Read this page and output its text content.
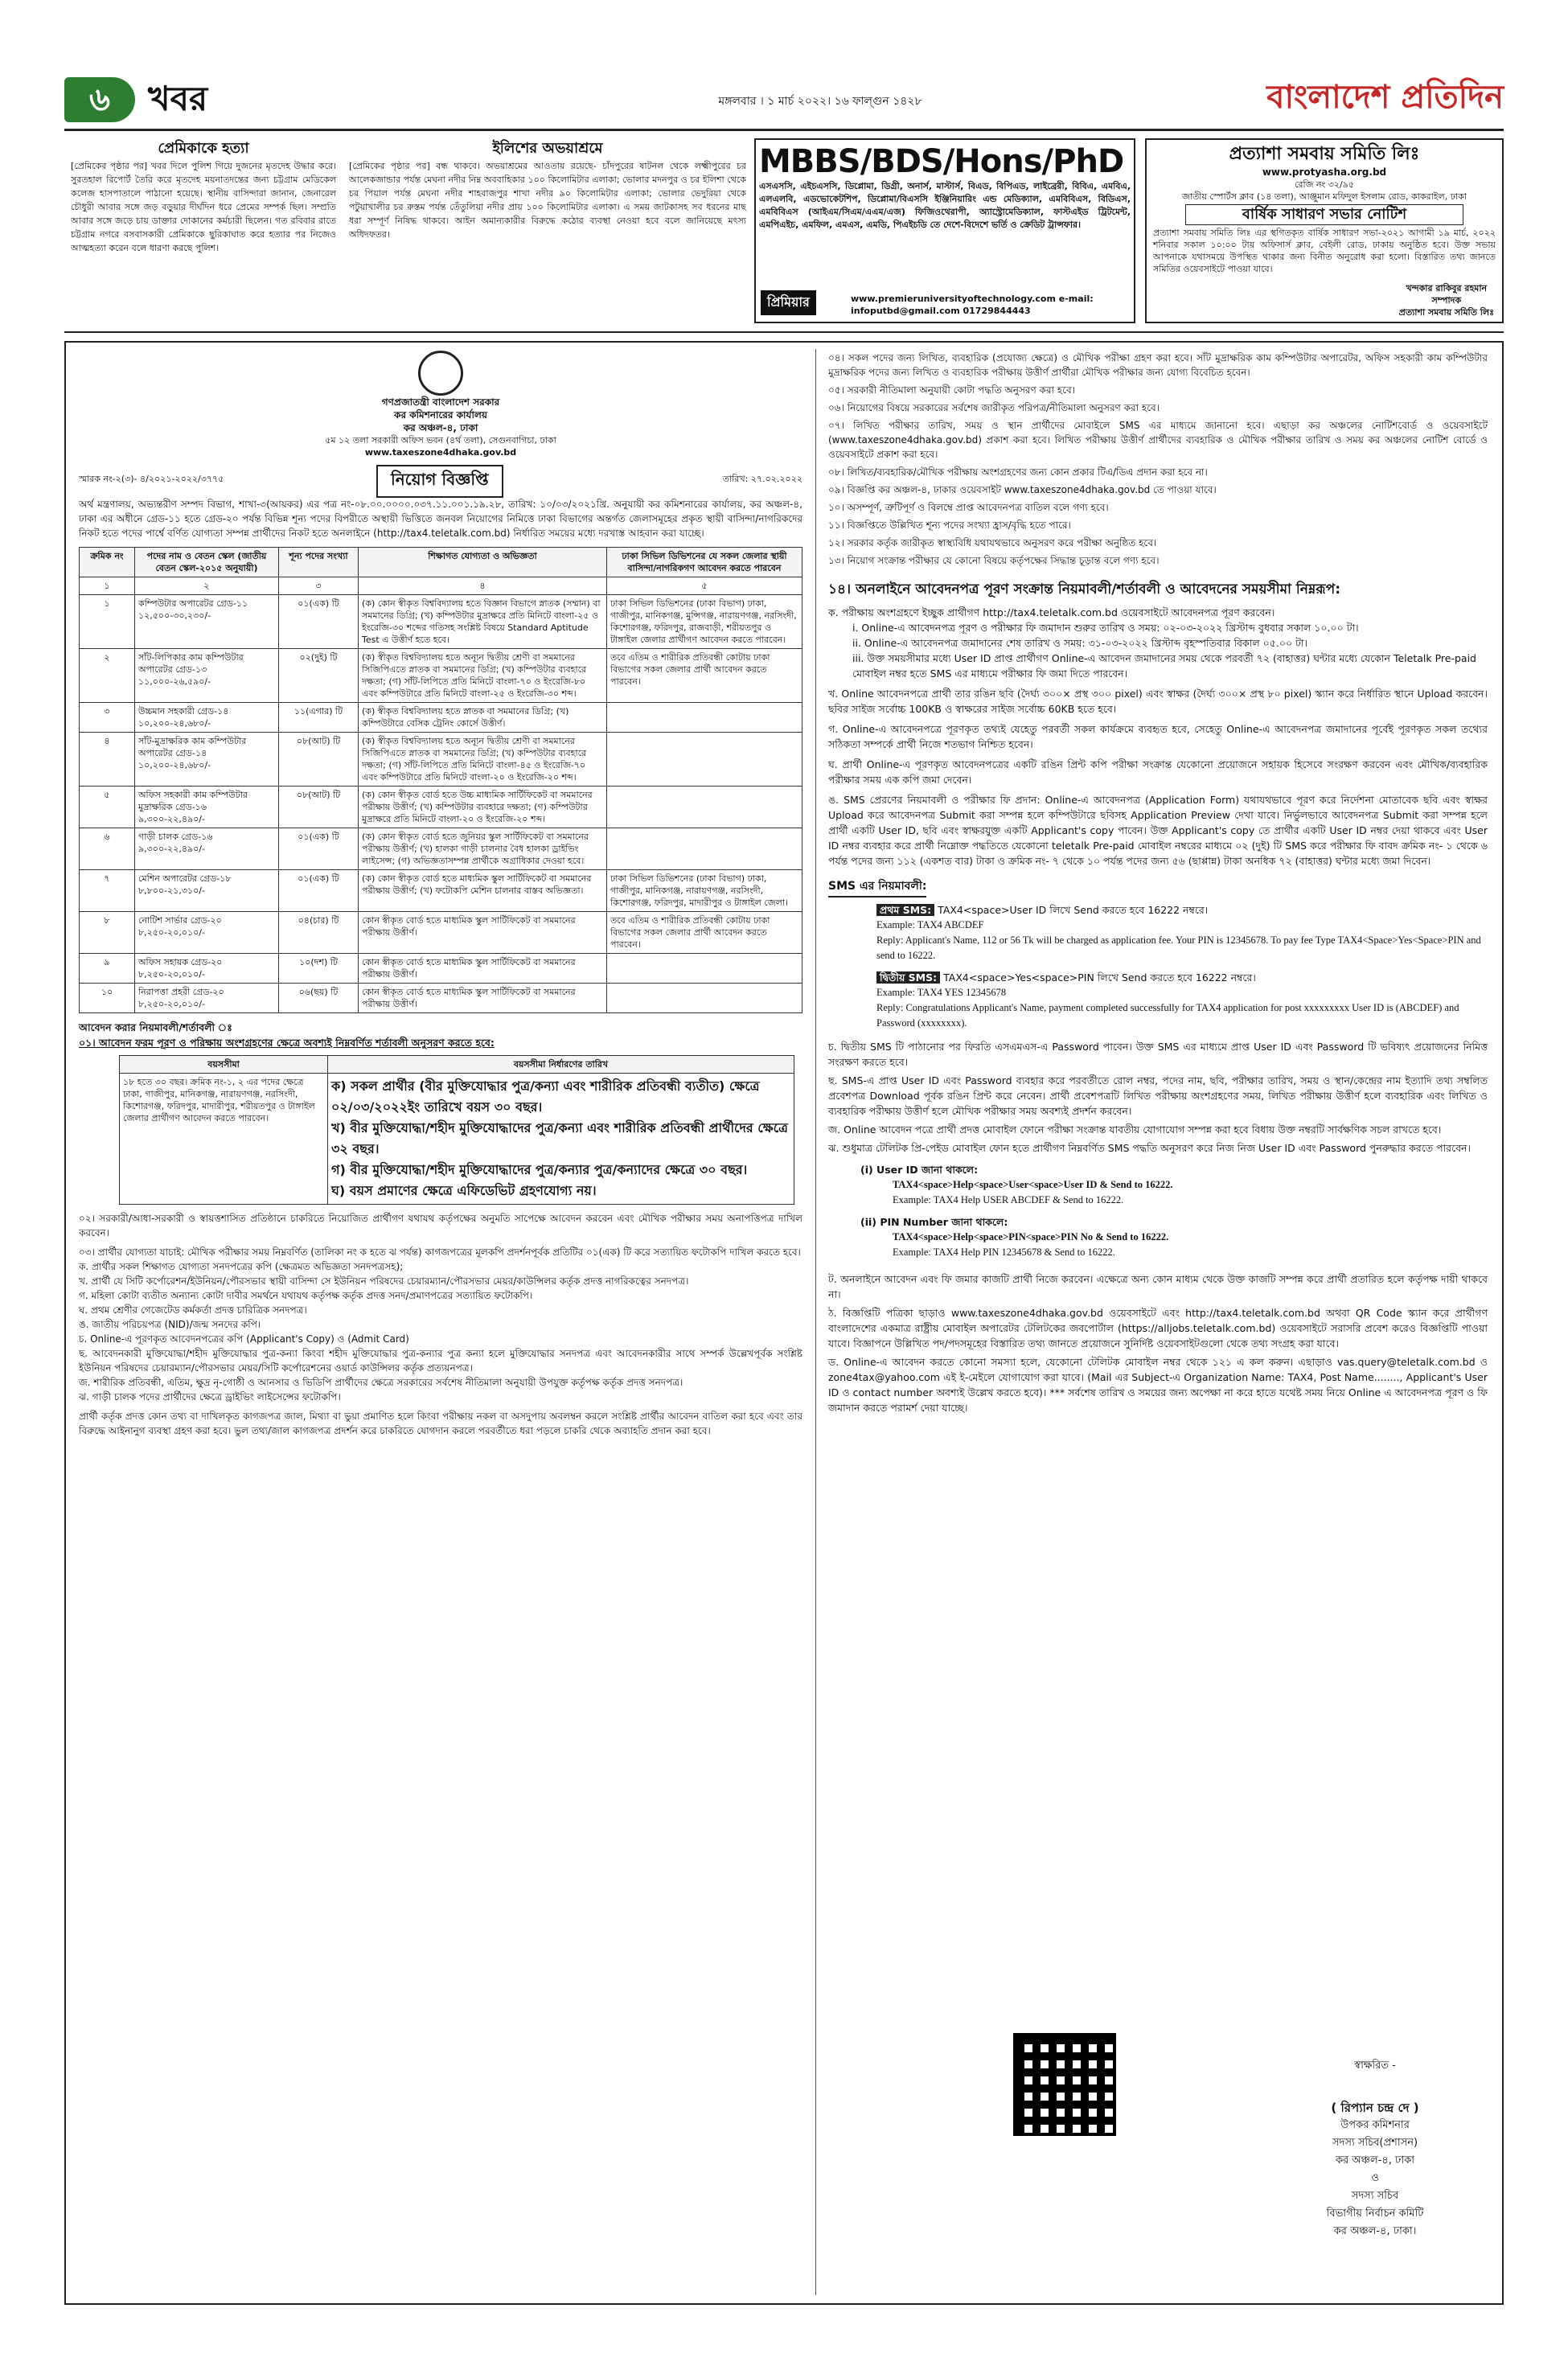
৬	খবর	মঙ্গলবার । ১ মার্চ ২০২২। ১৬ ফাল্গুন ১৪২৮	বাংলাদেশ প্রতিদিন
প্রেমিকাকে হত্যা
[প্রেমিকের পৃষ্ঠার পর] খবর দিলে পুলিশ গিয়ে দুজনের মৃতদেহ উদ্ধার করে। সুরতহাল রিপোর্ট তৈরি করে মৃতদেহ ময়নাতদন্তের জন্য চট্টগ্রাম মেডিকেল কলেজ হাসপাতালে পাঠানো হয়েছে। স্থানীয় বাসিন্দারা জানান, জেনারেল চৌধুরী আবার সঙ্গে জড় বড়ুয়ার দীর্ঘদিন ধরে প্রেমের সম্পর্ক ছিল। সম্প্রতি আবার সঙ্গে জড়ে চায় ডাক্তার দোকানের কর্মচারী ছিলেন। গত রবিবার রাতে চট্টগ্রাম নগরে বসবাসকারী প্রেমিকাকে ছুরিকাঘাত করে হত্যার পর নিজেও আত্মহত্যা করেন বলে ধারণা করছে পুলিশ।
ইলিশের অভয়াশ্রমে
[প্রেমিকের পৃষ্ঠার পর] বন্ধ থাকবে। অভয়াশ্রমের আওতায় রয়েছে- চাঁদপুরের ষাটনল থেকে লক্ষ্মীপুরের চর আলেকজান্ডার পর্যন্ত মেঘনা নদীর নিম্ন অববাহিকার ১০০ কিলোমিটার এলাকা; ভোলার মদনপুর ও চর ইলিশা থেকে চর পিয়াল পর্যন্ত মেঘনা নদীর শাহবাজপুর শাখা নদীর ৯০ কিলোমিটার এলাকা; ভোলার ভেদুরিয়া থেকে পটুয়াখালীর চর রুস্তম পর্যন্ত তেঁতুলিয়া নদীর প্রায় ১০০ কিলোমিটার এলাকা। এ সময় জাটকাসহ সব ধরনের মাছ ধরা সম্পূর্ণ নিষিদ্ধ থাকবে। আইন অমান্যকারীর বিরুদ্ধে কঠোর ব্যবস্থা নেওয়া হবে বলে জানিয়েছে মৎস্য অধিদফতর।
MBBS/BDS/Hons/PhD
এসএসসি, এইচএসসি, ডিপ্লোমা, ডিগ্রী, অনার্স, মাস্টার্স, বিএড, বিপিএড, লাইব্রেরী, বিবিএ, এমবিএ, এলএলবি, এডভোকেটশিপ, ডিপ্লোমা/বিএসসি ইঞ্জিনিয়ারিং এন্ড মেডিক্যাল, এমবিবিএস, বিডিএস, এমবিবিএস (আইএম/সিএম/এএম/এজ) ফিজিওথেরাপী, অ্যাস্ট্রোমেডিক্যাল, ফাস্টএইড ট্রিটমেন্ট, এমপিএইচ, এমফিল, এমএস, এমডি, পিএইচডি তে দেশে-বিদেশে ভর্তি ও ক্রেডিট ট্রান্সফার।
প্রিমিয়ার	www.premieruniversityoftechnology.com e-mail: infoputbd@gmail.com 01729844443
প্রত্যাশা সমবায় সমিতি লিঃ
www.protyasha.org.bd
রেজি নং ৩২/৯৫
জাতীয় স্পোর্টস ক্লাব (১৪ তলা), আঞ্জুমান মফিদুল ইসলাম রোড, কাকরাইল, ঢাকা
বার্ষিক সাধারণ সভার নোটিশ
প্রত্যাশা সমবায় সমিতি লিঃ এর স্থগিতকৃত বার্ষিক সাধারণ সভা-২০২১ আগামী ১৯ মার্চ, ২০২২ শনিবার সকাল ১০:০০ টায় অফিসার্স ক্লাব, বেইলী রোড, ঢাকায় অনুষ্ঠিত হবে। উক্ত সভায় আপনাকে যথাসময়ে উপস্থিত থাকার জন্য বিনীত অনুরোধ করা হলো। বিস্তারিত তথ্য জানতে সমিতির ওয়েবসাইটে পাওয়া যাবে।
খন্দকার রাকিবুর রহমান
সম্পাদক
প্রত্যাশা সমবায় সমিতি লিঃ
গণপ্রজাতন্ত্রী বাংলাদেশ সরকার
কর কমিশনারের কার্যালয়
কর অঞ্চল-৪, ঢাকা
৫ম ১২ তলা সরকারী অফিস ভবন (৪র্থ তলা), সেগুনবাগিচা, ঢাকা
www.taxeszone4dhaka.gov.bd
স্মারক নং-২(৩)- ৪/২০২১-২০২২/৩৭৭৫	নিয়োগ বিজ্ঞপ্তি	তারিখ: ২৭.০২.২০২২
অর্থ মন্ত্রণালয়, অভ্যন্তরীণ সম্পদ বিভাগ, শাখা-৩(আয়কর) এর পত্র নং-০৮.০০.০০০০.০৩৭.১১.০০১.১৯.২৮, তারিখ: ১০/০৩/২০২১খ্রি. অনুযায়ী কর কমিশনারের কার্যালয়, কর অঞ্চল-৪, ঢাকা এর অধীনে গ্রেড-১১ হতে গ্রেড-২০ পর্যন্ত বিভিন্ন শূন্য পদের বিপরীতে অস্থায়ী ভিত্তিতে জনবল নিয়োগের নিমিত্তে ঢাকা বিভাগের অন্তর্গত জেলাসমূহের প্রকৃত স্থায়ী বাসিন্দা/নাগরিকদের নিকট হতে পদের পার্শ্বে বর্ণিত যোগ্যতা সম্পন্ন প্রার্থীদের নিকট হতে অনলাইনে (http://tax4.teletalk.com.bd) নির্ধারিত সময়ের মধ্যে দরখাস্ত আহবান করা যাচ্ছে।
ক্রমিক নং	পদের নাম ও বেতন স্কেল (জাতীয় বেতন স্কেল-২০১৫ অনুযায়ী)	শূন্য পদের সংখ্যা	শিক্ষাগত যোগ্যতা ও অভিজ্ঞতা	ঢাকা সিভিল ডিভিশনের যে সকল জেলার স্থায়ী বাসিন্দা/নাগরিকগণ আবেদন করতে পারবেন
১	২	৩	৪	৫
১	কম্পিউটার অপারেটর গ্রেড-১১ ১২,৫০০-৩০,২৩০/-	০১(এক) টি	(ক) কোন স্বীকৃত বিশ্ববিদ্যালয় হতে বিজ্ঞান বিভাগে স্নাতক (সম্মান) বা সমমানের ডিগ্রি; (খ) কম্পিউটার মুদ্রাক্ষরে প্রতি মিনিটে বাংলা-২৫ ও ইংরেজি-৩০ শব্দের গতিসহ সংশ্লিষ্ট বিষয়ে Standard Aptitude Test এ উত্তীর্ণ হতে হবে।	ঢাকা সিভিল ডিভিশনের (ঢাকা বিভাগ) ঢাকা, গাজীপুর, মানিকগঞ্জ, মুন্সিগঞ্জ, নারায়ণগঞ্জ, নরসিংদী, কিশোরগঞ্জ, ফরিদপুর, রাজবাড়ী, শরীয়তপুর ও টাঙ্গাইল জেলার প্রার্থীগণ আবেদন করতে পারবেন।
২	সাঁট-লিপিকার কাম কম্পিউটার অপারেটর গ্রেড-১৩ ১১,০০০-২৬,৫৯০/-	০২(দুই) টি	(ক) স্বীকৃত বিশ্ববিদ্যালয় হতে অন্যূন দ্বিতীয় শ্রেণী বা সমমানের সিজিপিএতে স্নাতক বা সমমানের ডিগ্রি; (খ) কম্পিউটার ব্যবহারে দক্ষতা; (গ) সাঁট-লিপিতে প্রতি মিনিটে বাংলা-৭০ ও ইংরেজি-৮০ এবং কম্পিউটারে প্রতি মিনিটে বাংলা-২৫ ও ইংরেজি-৩০ শব্দ।	তবে এতিম ও শারীরিক প্রতিবন্ধী কোটায় ঢাকা বিভাগের সকল জেলার প্রার্থী আবেদন করতে পারবেন।
৩	উচ্চমান সহকারী গ্রেড-১৪ ১০,২০০-২৪,৬৮০/-	১১(এগার) টি	(ক) স্বীকৃত বিশ্ববিদ্যালয় হতে স্নাতক বা সমমানের ডিগ্রি; (খ) কম্পিউটারে বেসিক ট্রেনিং কোর্সে উত্তীর্ণ।	
৪	সাঁট-মুদ্রাক্ষরিক কাম কম্পিউটার অপারেটর গ্রেড-১৪ ১০,২০০-২৪,৬৮০/-	০৮(আট) টি	(ক) স্বীকৃত বিশ্ববিদ্যালয় হতে অন্যূন দ্বিতীয় শ্রেণী বা সমমানের সিজিপিএতে স্নাতক বা সমমানের ডিগ্রি; (খ) কম্পিউটার ব্যবহারে দক্ষতা; (গ) সাঁট-লিপিতে প্রতি মিনিটে বাংলা-৪৫ ও ইংরেজি-৭০ এবং কম্পিউটারে প্রতি মিনিটে বাংলা-২০ ও ইংরেজি-২০ শব্দ।	
৫	অফিস সহকারী কাম কম্পিউটার মুদ্রাক্ষরিক গ্রেড-১৬ ৯,৩০০-২২,৪৯০/-	০৮(আট) টি	(ক) কোন স্বীকৃত বোর্ড হতে উচ্চ মাধ্যমিক সার্টিফিকেট বা সমমানের পরীক্ষায় উত্তীর্ণ; (খ) কম্পিউটার ব্যবহারে দক্ষতা; (গ) কম্পিউটার মুদ্রাক্ষরে প্রতি মিনিটে বাংলা-২০ ও ইংরেজি-২০ শব্দ।	
৬	গাড়ী চালক গ্রেড-১৬ ৯,৩০০-২২,৪৯০/-	০১(এক) টি	(ক) কোন স্বীকৃত বোর্ড হতে জুনিয়র স্কুল সার্টিফিকেট বা সমমানের পরীক্ষায় উত্তীর্ণ; (খ) হালকা গাড়ী চালনার বৈধ হালকা ড্রাইভিং লাইসেন্স; (গ) অভিজ্ঞতাসম্পন্ন প্রার্থীকে অগ্রাধিকার দেওয়া হবে।	
৭	মেশিন অপারেটর গ্রেড-১৮ ৮,৮০০-২১,৩১০/-	০১(এক) টি	(ক) কোন স্বীকৃত বোর্ড হতে মাধ্যমিক স্কুল সার্টিফিকেট বা সমমানের পরীক্ষায় উত্তীর্ণ; (খ) ফটোকপি মেশিন চালনার বাস্তব অভিজ্ঞতা।	ঢাকা সিভিল ডিভিশনের (ঢাকা বিভাগ) ঢাকা, গাজীপুর, মানিকগঞ্জ, নারায়ণগঞ্জ, নরসিংদী, কিশোরগঞ্জ, ফরিদপুর, মাদারীপুর ও টাঙ্গাইল জেলা।
৮	নোটিশ সার্ভার গ্রেড-২০ ৮,২৫০-২০,০১০/-	০৪(চার) টি	কোন স্বীকৃত বোর্ড হতে মাধ্যমিক স্কুল সার্টিফিকেট বা সমমানের পরীক্ষায় উত্তীর্ণ।	তবে এতিম ও শারীরিক প্রতিবন্ধী কোটায় ঢাকা বিভাগের সকল জেলার প্রার্থী আবেদন করতে পারবেন।
৯	অফিস সহায়ক গ্রেড-২০ ৮,২৫০-২০,০১০/-	১০(দশ) টি	কোন স্বীকৃত বোর্ড হতে মাধ্যমিক স্কুল সার্টিফিকেট বা সমমানের পরীক্ষায় উত্তীর্ণ।	
১০	নিরাপত্তা প্রহরী গ্রেড-২০ ৮,২৫০-২০,০১০/-	০৬(ছয়) টি	কোন স্বীকৃত বোর্ড হতে মাধ্যমিক স্কুল সার্টিফিকেট বা সমমানের পরীক্ষায় উত্তীর্ণ।	
আবেদন করার নিয়মাবলী/শর্তাবলী ঃ
০১। আবেদন ফরম পূরণ ও পরিক্ষায় অংশগ্রহণের ক্ষেত্রে অবশ্যই নিম্নবর্ণিত শর্তাবলী অনুসরণ করতে হবে:
বয়সসীমা	বয়সসীমা নির্ধারণের তারিখ
১৮ হতে ৩০ বছর। ক্রমিক নং-১, ২ এর পদের ক্ষেত্রে ঢাকা, গাজীপুর, মানিকগঞ্জ, নারায়ণগঞ্জ, নরসিংদী, কিশোরগঞ্জ, ফরিদপুর, মাদারীপুর, শরীয়তপুর ও টাঙ্গাইল জেলার প্রার্থীগণ আবেদন করতে পারবেন।	ক) সকল প্রার্থীর (বীর মুক্তিযোদ্ধার পুত্র/কন্যা এবং শারীরিক প্রতিবন্ধী ব্যতীত) ক্ষেত্রে ০২/০৩/২০২২ইং তারিখে বয়স ৩০ বছর।
খ) বীর মুক্তিযোদ্ধা/শহীদ মুক্তিযোদ্ধাদের পুত্র/কন্যা এবং শারীরিক প্রতিবন্ধী প্রার্থীদের ক্ষেত্রে ৩২ বছর।
গ) বীর মুক্তিযোদ্ধা/শহীদ মুক্তিযোদ্ধাদের পুত্র/কন্যার পুত্র/কন্যাদের ক্ষেত্রে ৩০ বছর।
ঘ) বয়স প্রমাণের ক্ষেত্রে এফিডেভিট গ্রহণযোগ্য নয়।
০২। সরকারী/আধা-সরকারী ও স্বায়ত্তশাসিত প্রতিষ্ঠানে চাকরিতে নিয়োজিত প্রার্থীগণ যথাযথ কর্তৃপক্ষের অনুমতি সাপেক্ষে আবেদন করবেন এবং মৌখিক পরীক্ষার সময় অনাপত্তিপত্র দাখিল করবেন।
০৩। প্রার্থীর যোগ্যতা যাচাই: মৌখিক পরীক্ষার সময় নিম্নবর্ণিত (তালিকা নং ক হতে ঝ পর্যন্ত) কাগজপত্রের মূলকপি প্রদর্শনপূর্বক প্রতিটির ০১(এক) টি করে সত্যায়িত ফটোকপি দাখিল করতে হবে।
ক. প্রার্থীর সকল শিক্ষাগত যোগ্যতা সনদপত্রের কপি (ক্ষেত্রমত অভিজ্ঞতা সনদপত্রসহ);
খ. প্রার্থী যে সিটি কর্পোরেশন/ইউনিয়ন/পৌরসভার স্থায়ী বাসিন্দা সে ইউনিয়ন পরিষদের চেয়ারম্যান/পৌরসভার মেয়র/কাউন্সিলর কর্তৃক প্রদত্ত নাগরিকত্বের সনদপত্র।
গ. মহিলা কোটা ব্যতীত অন্যান্য কোটা দাবীর সমর্থনে যথাযথ কর্তৃপক্ষ কর্তৃক প্রদত্ত সনদ/প্রমাণপত্রের সত্যায়িত ফটোকপি।
ঘ. প্রথম শ্রেণীর গেজেটেড কর্মকর্তা প্রদত্ত চারিত্রিক সনদপত্র।
ঙ. জাতীয় পরিচয়পত্র (NID)/জন্ম সনদের কপি।
চ. Online-এ পূরণকৃত আবেদনপত্রের কপি (Applicant's Copy) ও (Admit Card)
ছ. আবেদনকারী মুক্তিযোদ্ধা/শহীদ মুক্তিযোদ্ধার পুত্র-কন্যা কিংবা শহীদ মুক্তিযোদ্ধার পুত্র-কন্যার পুত্র কন্যা হলে মুক্তিযোদ্ধার সনদপত্র এবং আবেদনকারীর সাথে সম্পর্ক উল্লেখপূর্বক সংশ্লিষ্ট ইউনিয়ন পরিষদের চেয়ারম্যান/পৌরসভার মেয়র/সিটি কর্পোরেশনের ওয়ার্ড কাউন্সিলর কর্তৃক প্রত্যয়নপত্র।
জ. শারীরিক প্রতিবন্ধী, এতিম, ক্ষুদ্র নৃ-গোষ্ঠী ও আনসার ও ভিডিপি প্রার্থীদের ক্ষেত্রে সরকারের সর্বশেষ নীতিমালা অনুযায়ী উপযুক্ত কর্তৃপক্ষ কর্তৃক প্রদত্ত সনদপত্র।
ঝ. গাড়ী চালক পদের প্রার্থীদের ক্ষেত্রে ড্রাইভিং লাইসেন্সের ফটোকপি।
প্রার্থী কর্তৃক প্রদত্ত কোন তথ্য বা দাখিলকৃত কাগজপত্র জাল, মিথ্যা বা ভুয়া প্রমাণিত হলে কিংবা পরীক্ষায় নকল বা অসদুপায় অবলম্বন করলে সংশ্লিষ্ট প্রার্থীর আবেদন বাতিল করা হবে এবং তার বিরুদ্ধে আইনানুগ ব্যবস্থা গ্রহণ করা হবে। ভুল তথ্য/জাল কাগজপত্র প্রদর্শন করে চাকরিতে যোগদান করলে পরবর্তীতে ধরা পড়লে চাকরি থেকে অব্যাহতি প্রদান করা হবে।
০৪। সকল পদের জন্য লিখিত, ব্যবহারিক (প্রযোজ্য ক্ষেত্রে) ও মৌখিক পরীক্ষা গ্রহণ করা হবে। সাঁট মুদ্রাক্ষরিক কাম কম্পিউটার অপারেটর, অফিস সহকারী কাম কম্পিউটার মুদ্রাক্ষরিক পদের জন্য লিখিত ও ব্যবহারিক পরীক্ষায় উত্তীর্ণ প্রার্থীরা মৌখিক পরীক্ষার জন্য যোগ্য বিবেচিত হবেন।
০৫। সরকারী নীতিমালা অনুযায়ী কোটা পদ্ধতি অনুসরণ করা হবে।
০৬। নিয়োগের বিষয়ে সরকারের সর্বশেষ জারীকৃত পরিপত্র/নীতিমালা অনুসরণ করা হবে।
০৭। লিখিত পরীক্ষার তারিখ, সময় ও স্থান প্রার্থীদের মোবাইলে SMS এর মাধ্যমে জানানো হবে। এছাড়া কর অঞ্চলের নোটিশবোর্ড ও ওয়েবসাইটে (www.taxeszone4dhaka.gov.bd) প্রকাশ করা হবে। লিখিত পরীক্ষায় উত্তীর্ণ প্রার্থীদের ব্যবহারিক ও মৌখিক পরীক্ষার তারিখ ও সময় কর অঞ্চলের নোটিশ বোর্ডে ও ওয়েবসাইটে প্রকাশ করা হবে।
০৮। লিখিত/ব্যবহারিক/মৌখিক পরীক্ষায় অংশগ্রহণের জন্য কোন প্রকার টিএ/ডিএ প্রদান করা হবে না।
০৯। বিজ্ঞপ্তি কর অঞ্চল-৪, ঢাকার ওয়েবসাইট www.taxeszone4dhaka.gov.bd তে পাওয়া যাবে।
১০। অসম্পূর্ণ, ত্রুটিপূর্ণ ও বিলম্বে প্রাপ্ত আবেদনপত্র বাতিল বলে গণ্য হবে।
১১। বিজ্ঞপ্তিতে উল্লিখিত শূন্য পদের সংখ্যা হ্রাস/বৃদ্ধি হতে পারে।
১২। সরকার কর্তৃক জারীকৃত স্বাস্থ্যবিধি যথাযথভাবে অনুসরণ করে পরীক্ষা অনুষ্ঠিত হবে।
১৩। নিয়োগ সংক্রান্ত পরীক্ষার যে কোনো বিষয়ে কর্তৃপক্ষের সিদ্ধান্ত চূড়ান্ত বলে গণ্য হবে।
১৪। অনলাইনে আবেদনপত্র পূরণ সংক্রান্ত নিয়মাবলী/শর্তাবলী ও আবেদনের সময়সীমা নিম্নরূপ:
ক. পরীক্ষায় অংশগ্রহণে ইচ্ছুক প্রার্থীগণ http://tax4.teletalk.com.bd ওয়েবসাইটে আবেদনপত্র পূরণ করবেন।
i. Online-এ আবেদনপত্র পূরণ ও পরীক্ষার ফি জমাদান শুরুর তারিখ ও সময়: ০২-০৩-২০২২ খ্রিস্টাব্দ বুধবার সকাল ১০.০০ টা।
ii. Online-এ আবেদনপত্র জমাদানের শেষ তারিখ ও সময়: ৩১-০৩-২০২২ খ্রিস্টাব্দ বৃহস্পতিবার বিকাল ০৫.০০ টা।
iii. উক্ত সময়সীমার মধ্যে User ID প্রাপ্ত প্রার্থীগণ Online-এ আবেদন জমাদানের সময় থেকে পরবর্তী ৭২ (বাহাত্তর) ঘন্টার মধ্যে যেকোন Teletalk Pre-paid মোবাইল নম্বর হতে SMS এর মাধ্যমে পরীক্ষার ফি জমা দিতে পারবেন।
খ. Online আবেদনপত্রে প্রার্থী তার রঙিন ছবি (দৈর্ঘ্য ৩০০× প্রস্থ ৩০০ pixel) এবং স্বাক্ষর (দৈর্ঘ্য ৩০০× প্রস্থ ৮০ pixel) স্ক্যান করে নির্ধারিত স্থানে Upload করবেন। ছবির সাইজ সর্বোচ্চ 100KB ও স্বাক্ষরের সাইজ সর্বোচ্চ 60KB হতে হবে।
গ. Online-এ আবেদনপত্রে পূরণকৃত তথ্যই যেহেতু পরবর্তী সকল কার্যক্রমে ব্যবহৃত হবে, সেহেতু Online-এ আবেদনপত্র জমাদানের পূর্বেই পূরণকৃত সকল তথ্যের সঠিকতা সম্পর্কে প্রার্থী নিজে শতভাগ নিশ্চিত হবেন।
ঘ. প্রার্থী Online-এ পূরণকৃত আবেদনপত্রের একটি রঙিন প্রিন্ট কপি পরীক্ষা সংক্রান্ত যেকোনো প্রয়োজনে সহায়ক হিসেবে সংরক্ষণ করবেন এবং মৌখিক/ব্যবহারিক পরীক্ষার সময় এক কপি জমা দেবেন।
ঙ. SMS প্রেরণের নিয়মাবলী ও পরীক্ষার ফি প্রদান: Online-এ আবেদনপত্র (Application Form) যথাযথভাবে পূরণ করে নির্দেশনা মোতাবেক ছবি এবং স্বাক্ষর Upload করে আবেদনপত্র Submit করা সম্পন্ন হলে কম্পিউটারে ছবিসহ Application Preview দেখা যাবে। নির্ভুলভাবে আবেদনপত্র Submit করা সম্পন্ন হলে প্রার্থী একটি User ID, ছবি এবং স্বাক্ষরযুক্ত একটি Applicant's copy পাবেন। উক্ত Applicant's copy তে প্রার্থীর একটি User ID নম্বর দেয়া থাকবে এবং User ID নম্বর ব্যবহার করে প্রার্থী নিম্নোক্ত পদ্ধতিতে যেকোনো teletalk Pre-paid মোবাইল নম্বরের মাধ্যমে ০২ (দুই) টি SMS করে পরীক্ষার ফি বাবদ ক্রমিক নং- ১ থেকে ৬ পর্যন্ত পদের জন্য ১১২ (একশত বার) টাকা ও ক্রমিক নং- ৭ থেকে ১০ পর্যন্ত পদের জন্য ৫৬ (ছাপ্পান্ন) টাকা অনধিক ৭২ (বাহাত্তর) ঘন্টার মধ্যে জমা দিবেন।
SMS এর নিয়মাবলী:
প্রথম SMS: TAX4<space>User ID লিখে Send করতে হবে 16222 নম্বরে।
Example: TAX4 ABCDEF
Reply: Applicant's Name, 112 or 56 Tk will be charged as application fee. Your PIN is 12345678. To pay fee Type TAX4<Space>Yes<Space>PIN and send to 16222.
দ্বিতীয় SMS: TAX4<space>Yes<space>PIN লিখে Send করতে হবে 16222 নম্বরে।
Example: TAX4 YES 12345678
Reply: Congratulations Applicant's Name, payment completed successfully for TAX4 application for post xxxxxxxxx User ID is (ABCDEF) and Password (xxxxxxxx).
চ. দ্বিতীয় SMS টি পাঠানোর পর ফিরতি এসএমএস-এ Password পাবেন। উক্ত SMS এর মাধ্যমে প্রাপ্ত User ID এবং Password টি ভবিষ্যৎ প্রয়োজনের নিমিত্ত সংরক্ষণ করতে হবে।
ছ. SMS-এ প্রাপ্ত User ID এবং Password ব্যবহার করে পরবর্তীতে রোল নম্বর, পদের নাম, ছবি, পরীক্ষার তারিখ, সময় ও স্থান/কেন্দ্রের নাম ইত্যাদি তথ্য সম্বলিত প্রবেশপত্র Download পূর্বক রঙিন প্রিন্ট করে নেবেন। প্রার্থী প্রবেশপত্রটি লিখিত পরীক্ষায় অংশগ্রহণের সময়, লিখিত পরীক্ষায় উত্তীর্ণ হলে ব্যবহারিক এবং লিখিত ও ব্যবহারিক পরীক্ষায় উত্তীর্ণ হলে মৌখিক পরীক্ষার সময় অবশ্যই প্রদর্শন করবেন।
জ. Online আবেদন পত্রে প্রার্থী প্রদত্ত মোবাইল ফোনে পরীক্ষা সংক্রান্ত যাবতীয় যোগাযোগ সম্পন্ন করা হবে বিধায় উক্ত নম্বরটি সার্বক্ষণিক সচল রাখতে হবে।
ঝ. শুধুমাত্র টেলিটক প্রি-পেইড মোবাইল ফোন হতে প্রার্থীগণ নিম্নবর্ণিত SMS পদ্ধতি অনুসরণ করে নিজ নিজ User ID এবং Password পুনরুদ্ধার করতে পারবেন।
(i) User ID জানা থাকলে:
TAX4<space>Help<space>User<space>User ID & Send to 16222.
Example: TAX4 Help USER ABCDEF & Send to 16222.
(ii) PIN Number জানা থাকলে:
TAX4<space>Help<space>PIN<space>PIN No & Send to 16222.
Example: TAX4 Help PIN 12345678 & Send to 16222.
ট. অনলাইনে আবেদন এবং ফি জমার কাজটি প্রার্থী নিজে করবেন। এক্ষেত্রে অন্য কোন মাধ্যম থেকে উক্ত কাজটি সম্পন্ন করে প্রার্থী প্রতারিত হলে কর্তৃপক্ষ দায়ী থাকবে না।
ঠ. বিজ্ঞপ্তিটি পত্রিকা ছাড়াও www.taxeszone4dhaka.gov.bd ওয়েবসাইটে এবং http://tax4.teletalk.com.bd অথবা QR Code স্ক্যান করে প্রার্থীগণ বাংলাদেশের একমাত্র রাষ্ট্রীয় মোবাইল অপারেটর টেলিটকের জবপোর্টাল (https://alljobs.teletalk.com.bd) ওয়েবসাইটে সরাসরি প্রবেশ করেও বিজ্ঞপ্তিটি পাওয়া যাবে। বিজ্ঞাপনে উল্লিখিত পদ/পদসমূহের বিস্তারিত তথ্য জানতে প্রয়োজনে সুনির্দিষ্ট ওয়েবসাইটগুলো থেকে তথ্য সংগ্রহ করা যাবে।
ড. Online-এ আবেদন করতে কোনো সমস্যা হলে, যেকোনো টেলিটক মোবাইল নম্বর থেকে ১২১ এ কল করুন। এছাড়াও vas.query@teletalk.com.bd ও zone4tax@yahoo.com এই ই-মেইলে যোগাযোগ করা যাবে। (Mail এর Subject-এ Organization Name: TAX4, Post Name........, Applicant's User ID ও contact number অবশ্যই উল্লেখ করতে হবে)। *** সর্বশেষ তারিখ ও সময়ের জন্য অপেক্ষা না করে হাতে যথেষ্ট সময় নিয়ে Online এ আবেদনপত্র পূরণ ও ফি জমাদান করতে পরামর্শ দেয়া যাচ্ছে।
স্বাক্ষরিত -
( রিপ্যান চন্দ্র দে )
উপকর কমিশনার
সদস্য সচিব(প্রশাসন)
কর অঞ্চল-৪, ঢাকা
ও
সদস্য সচিব
বিভাগীয় নির্বাচন কমিটি
কর অঞ্চল-৪, ঢাকা।
